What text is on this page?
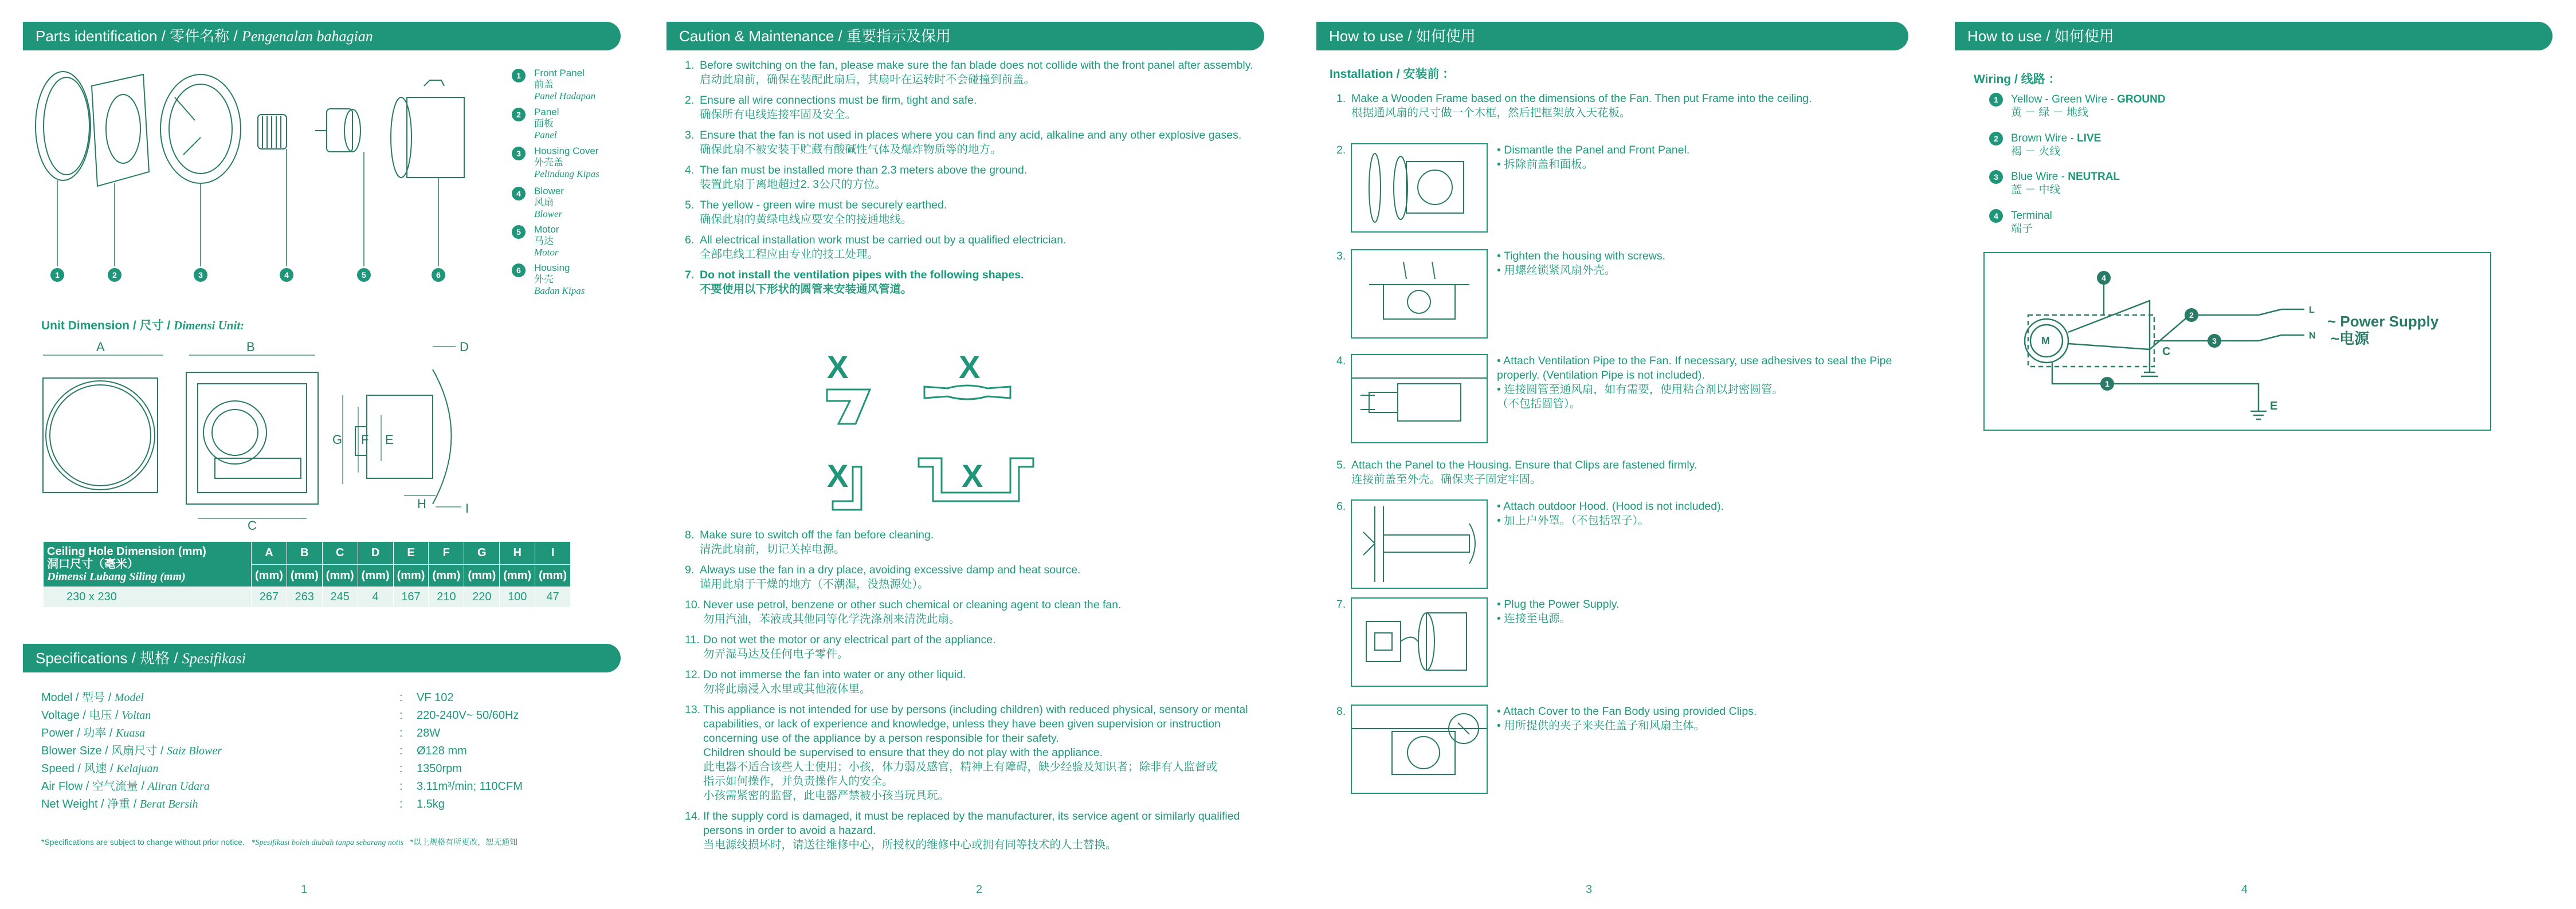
Parts identification / 零件名称 / Pengenalan bahagian
1	2	3	4	5	6
1	Front Panel
前盖
Panel Hadapan
2	Panel
面板
Panel
3	Housing Cover
外壳盖
Pelindung Kipas
4	Blower
风扇
Blower
5	Motor
马达
Motor
6	Housing
外壳
Badan Kipas
Unit Dimension / 尺寸 / Dimensi Unit:
A	B
C
D
E
F
G
H	I
Ceiling Hole Dimension (mm)
洞口尺寸（毫米）
Dimensi Lubang Siling (mm)	A	B	C	D	E	F	G	H	I
	(mm)	(mm)	(mm)	(mm)	(mm)	(mm)	(mm)	(mm)	(mm)
230 x 230	267	263	245	4	167	210	220	100	47
Specifications / 规格 / Spesifikasi
Model / 型号 / Model	: VF 102
Voltage / 电压 / Voltan	: 220-240V~ 50/60Hz
Power / 功率 / Kuasa	: 28W
Blower Size / 风扇尺寸 / Saiz Blower	: Ø128 mm
Speed / 风速 / Kelajuan	: 1350rpm
Air Flow / 空气流量 / Aliran Udara	: 3.11m³/min; 110CFM
Net Weight / 净重 / Berat Bersih	: 1.5kg
*Specifications are subject to change without prior notice. *Spesifikasi boleh diubah tanpa sebarang notis *以上规格有所更改，恕无通知
1
Caution & Maintenance / 重要指示及保用
1. Before switching on the fan, please make sure the fan blade does not collide with the front panel after assembly.
启动此扇前，确保在装配此扇后，其扇叶在运转时不会碰撞到前盖。
2. Ensure all wire connections must be firm, tight and safe.
确保所有电线连接牢固及安全。
3. Ensure that the fan is not used in places where you can find any acid, alkaline and any other explosive gases.
确保此扇不被安装于贮藏有酸碱性气体及爆炸物质等的地方。
4. The fan must be installed more than 2.3 meters above the ground.
装置此扇于离地超过2. 3公尺的方位。
5. The yellow - green wire must be securely earthed.
确保此扇的黄绿电线应要安全的接通地线。
6. All electrical installation work must be carried out by a qualified electrician.
全部电线工程应由专业的技工处理。
7. Do not install the ventilation pipes with the following shapes.
不要使用以下形状的圆管来安装通风管道。
X	X
X	X
8. Make sure to switch off the fan before cleaning.
清洗此扇前，切记关掉电源。
9. Always use the fan in a dry place, avoiding excessive damp and heat source.
谨用此扇于干燥的地方（不潮湿，没热源处）。
10. Never use petrol, benzene or other such chemical or cleaning agent to clean the fan.
勿用汽油，苯液或其他同等化学洗涤剂来清洗此扇。
11. Do not wet the motor or any electrical part of the appliance.
勿弄湿马达及任何电子零件。
12. Do not immerse the fan into water or any other liquid.
勿将此扇浸入水里或其他液体里。
13. This appliance is not intended for use by persons (including children) with reduced physical, sensory or mental
capabilities, or lack of experience and knowledge, unless they have been given supervision or instruction
concerning use of the appliance by a person responsible for their safety.
Children should be supervised to ensure that they do not play with the appliance.
此电器不适合该些人士使用；小孩，体力弱及感官，精神上有障碍，缺少经验及知识者；除非有人监督或
指示如何操作，并负责操作人的安全。
小孩需紧密的监督，此电器严禁被小孩当玩具玩。
14. If the supply cord is damaged, it must be replaced by the manufacturer, its service agent or similarly qualified
persons in order to avoid a hazard.
当电源线损坏时，请送往维修中心，所授权的维修中心或拥有同等技术的人士替换。
2
How to use / 如何使用
Installation / 安装前 ：
1. Make a Wooden Frame based on the dimensions of the Fan. Then put Frame into the ceiling.
根据通风扇的尺寸做一个木框，然后把框架放入天花板。
2.	• Dismantle the Panel and Front Panel.
• 拆除前盖和面板。
3.	• Tighten the housing with screws.
• 用螺丝锁紧风扇外壳。
4.	• Attach Ventilation Pipe to the Fan. If necessary, use adhesives to seal the Pipe
properly. (Ventilation Pipe is not included).
• 连接圆管至通风扇，如有需要，使用粘合剂以封密圆管。
（不包括圆管）。
5. Attach the Panel to the Housing. Ensure that Clips are fastened firmly.
连接前盖至外壳。确保夹子固定牢固。
6.	• Attach outdoor Hood. (Hood is not included).
• 加上户外罩。（不包括罩子）。
7.	• Plug the Power Supply.
• 连接至电源。
8.	• Attach Cover to the Fan Body using provided Clips.
• 用所提供的夹子来夹住盖子和风扇主体。
3
How to use / 如何使用
Wiring / 线路 ：
1	Yellow - Green Wire - GROUND
黄 － 绿 － 地线
2	Brown Wire - LIVE
褐 － 火线
3	Blue Wire - NEUTRAL
蓝 － 中线
4	Terminal
端子
4
2
3
1
M
C
E
L
N
~ Power Supply
~电源
4
